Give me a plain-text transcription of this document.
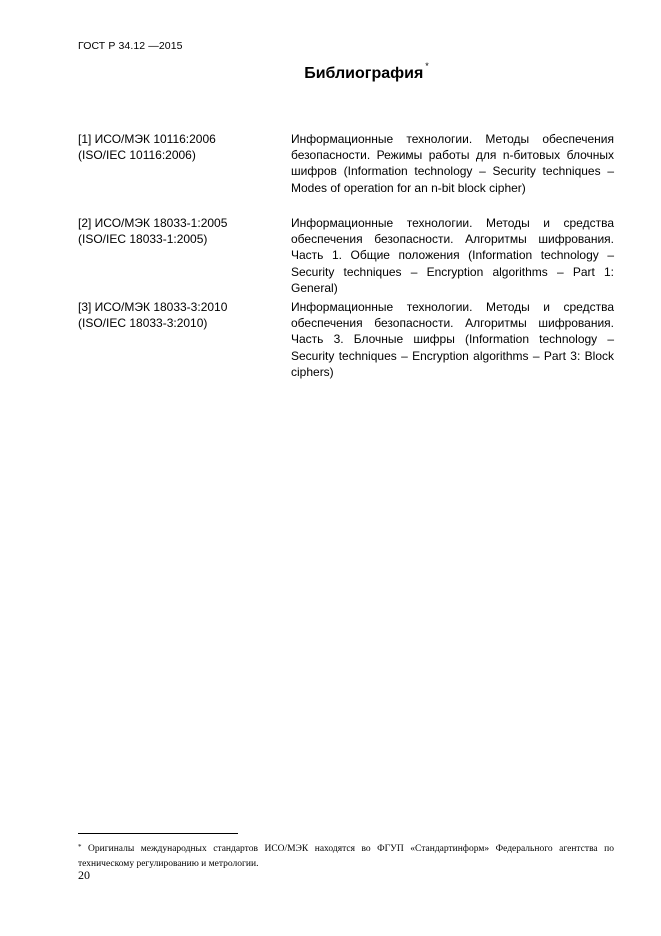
ГОСТ Р 34.12 —2015
Библиография *
[1] ИСО/МЭК 10116:2006
(ISO/IEC 10116:2006)
Информационные технологии. Методы обеспечения безопасности. Режимы работы для n-битовых блочных шифров (Information technology – Security techniques – Modes of operation for an n-bit block cipher)
[2] ИСО/МЭК 18033-1:2005
(ISO/IEC 18033-1:2005)
Информационные технологии. Методы и средства обеспечения безопасности. Алгоритмы шифрования. Часть 1. Общие положения (Information technology – Security techniques – Encryption algorithms – Part 1: General)
[3] ИСО/МЭК 18033-3:2010
(ISO/IEC 18033-3:2010)
Информационные технологии. Методы и средства обеспечения безопасности. Алгоритмы шифрования. Часть 3. Блочные шифры (Information technology – Security techniques – Encryption algorithms – Part 3: Block ciphers)
* Оригиналы международных стандартов ИСО/МЭК находятся во ФГУП «Стандартинформ» Федерального агентства по техническому регулированию и метрологии.
20
